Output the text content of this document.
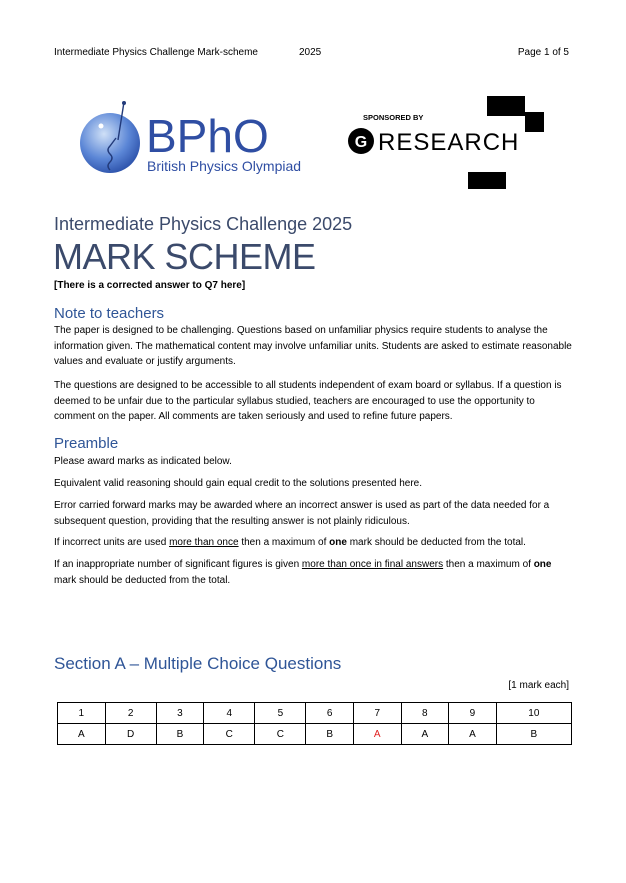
Intermediate Physics Challenge Mark-scheme	2025	Page 1 of 5
BPhO
British Physics Olympiad
SPONSORED BY
G RESEARCH
Intermediate Physics Challenge 2025
MARK SCHEME
[There is a corrected answer to Q7 here]
Note to teachers

The paper is designed to be challenging. Questions based on unfamiliar physics require students to analyse the information given. The mathematical content may involve unfamiliar units. Students are asked to estimate reasonable values and evaluate or justify arguments.

The questions are designed to be accessible to all students independent of exam board or syllabus. If a question is deemed to be unfair due to the particular syllabus studied, teachers are encouraged to use the opportunity to comment on the paper. All comments are taken seriously and used to refine future papers.

Preamble

Please award marks as indicated below.

Equivalent valid reasoning should gain equal credit to the solutions presented here.

Error carried forward marks may be awarded where an incorrect answer is used as part of the data needed for a subsequent question, providing that the resulting answer is not plainly ridiculous.

If incorrect units are used more than once then a maximum of one mark should be deducted from the total.

If an inappropriate number of significant figures is given more than once in final answers then a maximum of one mark should be deducted from the total.

Section A – Multiple Choice Questions
[1 mark each]
1	2	3	4	5	6	7	8	9	10
A	D	B	C	C	B	A	A	A	B
